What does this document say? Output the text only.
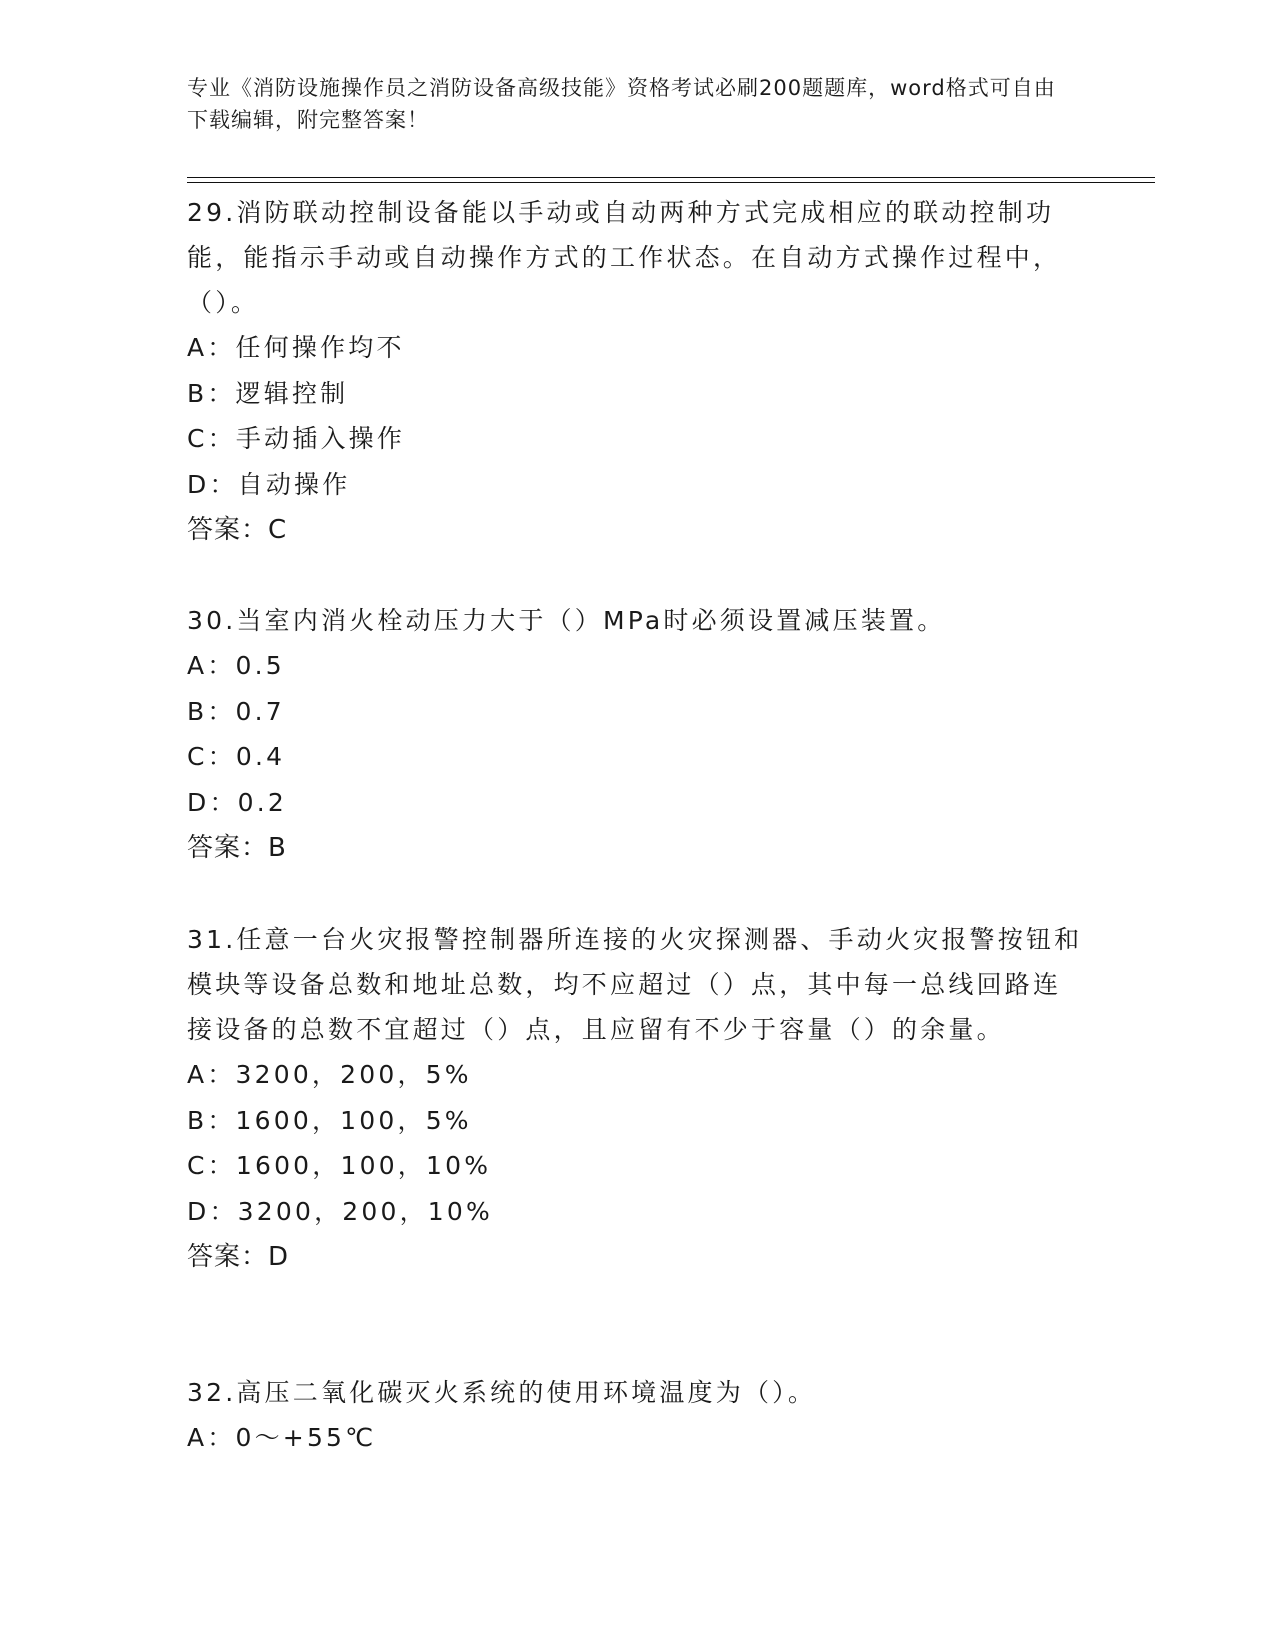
专业《消防设施操作员之消防设备高级技能》资格考试必刷200题题库，word格式可自由下载编辑，附完整答案！

29.消防联动控制设备能以手动或自动两种方式完成相应的联动控制功能，能指示手动或自动操作方式的工作状态。在自动方式操作过程中，（）。

A：任何操作均不

B：逻辑控制

C：手动插入操作

D：自动操作

答案：C

30.当室内消火栓动压力大于（）MPa时必须设置减压装置。

A：0.5

B：0.7

C：0.4

D：0.2

答案：B

31.任意一台火灾报警控制器所连接的火灾探测器、手动火灾报警按钮和模块等设备总数和地址总数，均不应超过（）点，其中每一总线回路连接设备的总数不宜超过（）点，且应留有不少于容量（）的余量。

A：3200，200，5%

B：1600，100，5%

C：1600，100，10%

D：3200，200，10%

答案：D

32.高压二氧化碳灭火系统的使用环境温度为（）。

A：0～+55℃
